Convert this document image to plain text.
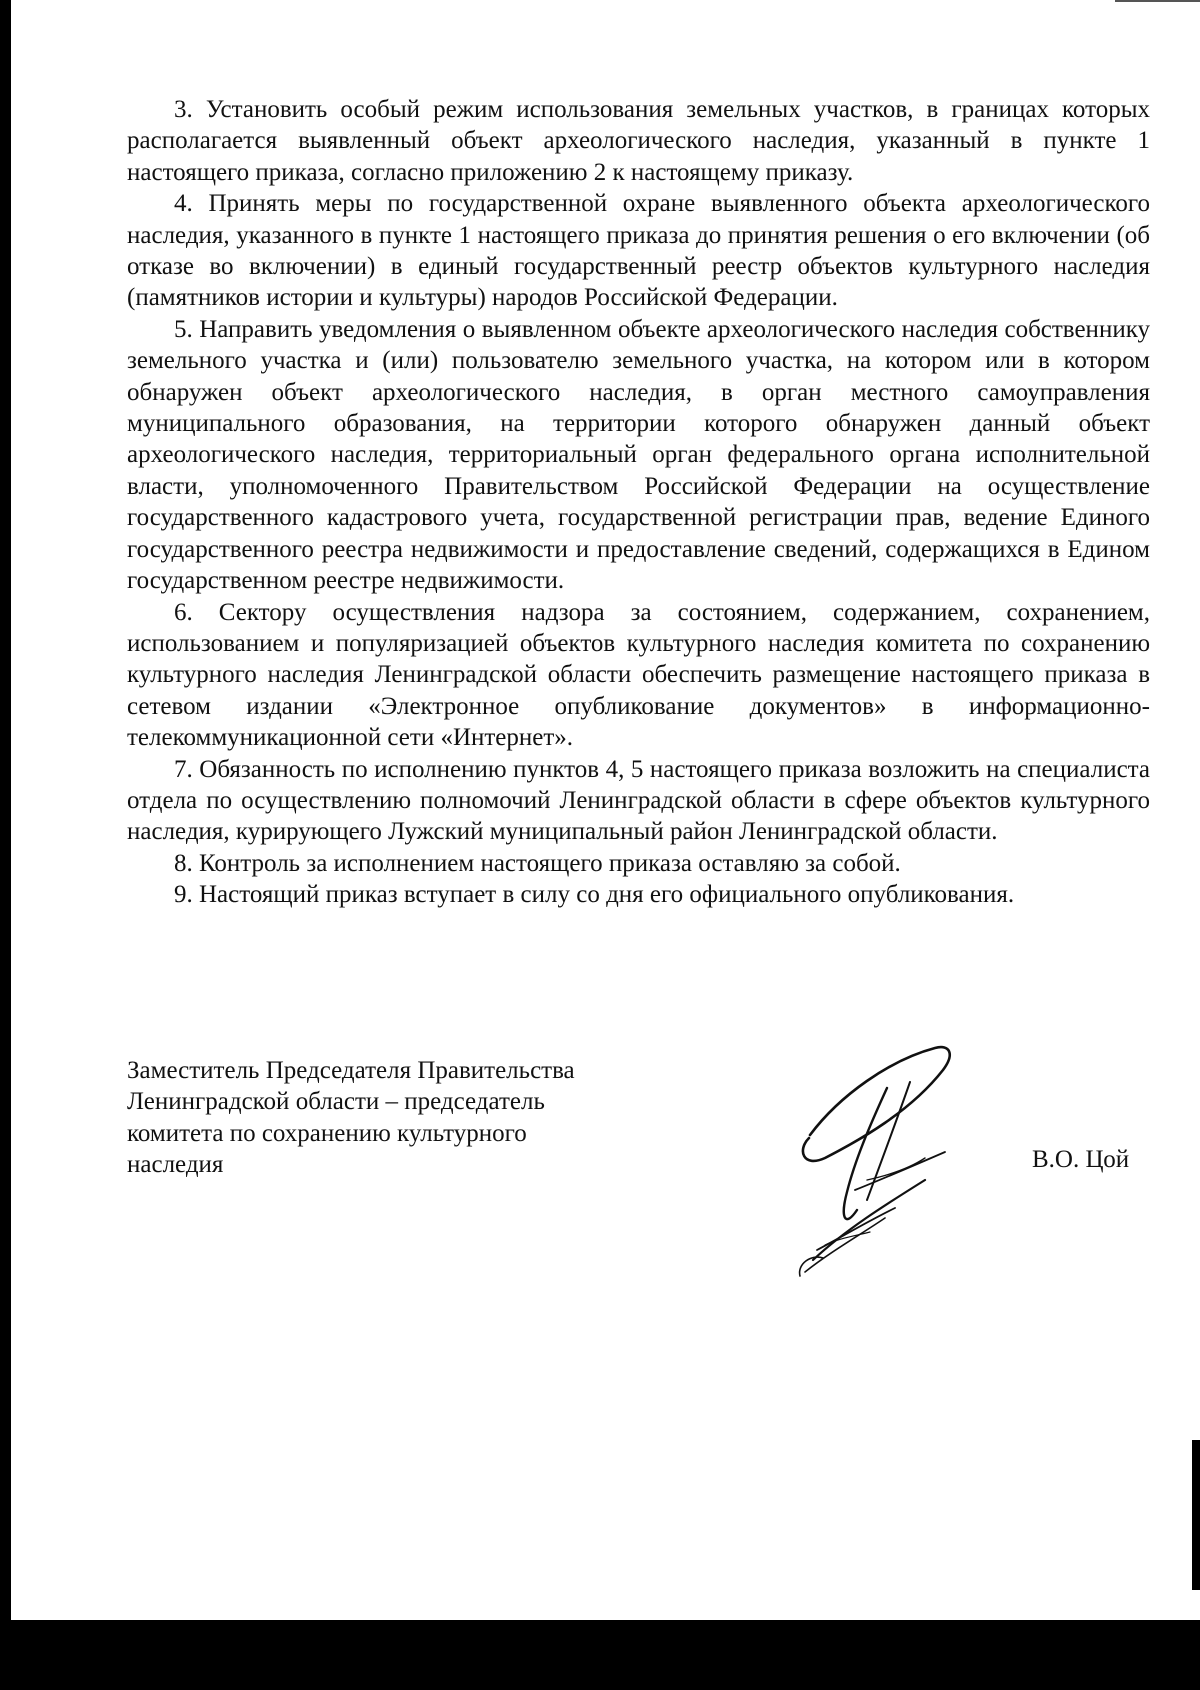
3. Установить особый режим использования земельных участков, в границах которых располагается выявленный объект археологического наследия, указанный в пункте 1 настоящего приказа, согласно приложению 2 к настоящему приказу.

4. Принять меры по государственной охране выявленного объекта археологического наследия, указанного в пункте 1 настоящего приказа до принятия решения о его включении (об отказе во включении) в единый государственный реестр объектов культурного наследия (памятников истории и культуры) народов Российской Федерации.

5. Направить уведомления о выявленном объекте археологического наследия собственнику земельного участка и (или) пользователю земельного участка, на котором или в котором обнаружен объект археологического наследия, в орган местного самоуправления муниципального образования, на территории которого обнаружен данный объект археологического наследия, территориальный орган федерального органа исполнительной власти, уполномоченного Правительством Российской Федерации на осуществление государственного кадастрового учета, государственной регистрации прав, ведение Единого государственного реестра недвижимости и предоставление сведений, содержащихся в Едином государственном реестре недвижимости.

6. Сектору осуществления надзора за состоянием, содержанием, сохранением, использованием и популяризацией объектов культурного наследия комитета по сохранению культурного наследия Ленинградской области обеспечить размещение настоящего приказа в сетевом издании «Электронное опубликование документов» в информационно-телекоммуникационной сети «Интернет».

7. Обязанность по исполнению пунктов 4, 5 настоящего приказа возложить на специалиста отдела по осуществлению полномочий Ленинградской области в сфере объектов культурного наследия, курирующего Лужский муниципальный район Ленинградской области.

8. Контроль за исполнением настоящего приказа оставляю за собой.

9. Настоящий приказ вступает в силу со дня его официального опубликования.

Заместитель Председателя Правительства
Ленинградской области – председатель
комитета по сохранению культурного
наследия	В.О. Цой
